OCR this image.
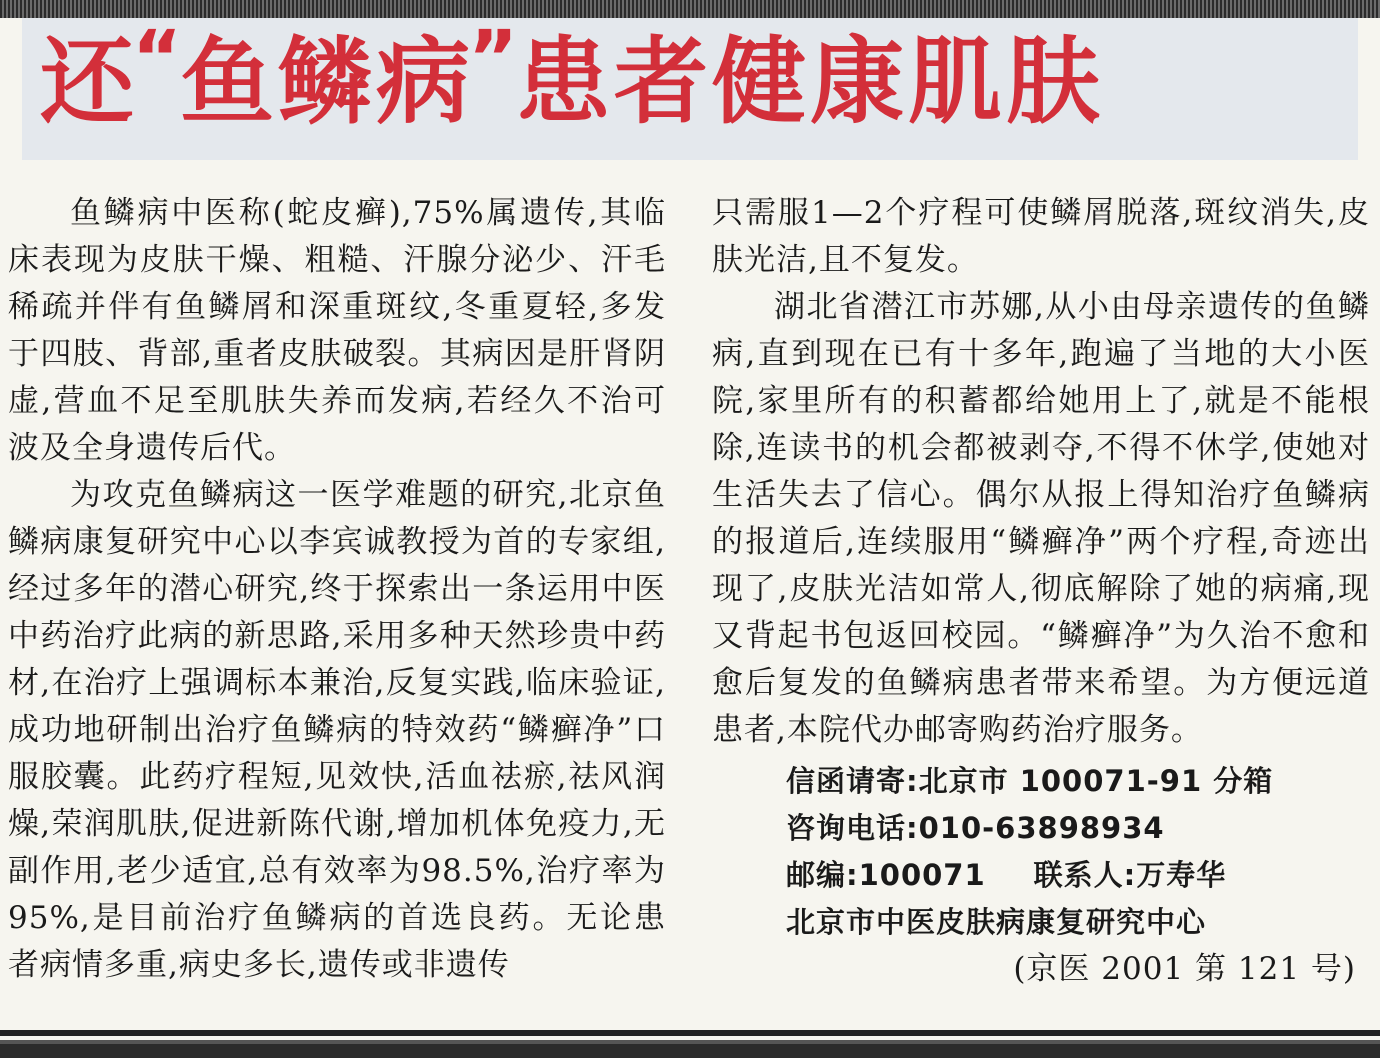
还“鱼鳞病”患者健康肌肤

鱼鳞病中医称(蛇皮癣),75%属遗传,其临床表现为皮肤干燥、粗糙、汗腺分泌少、汗毛稀疏并伴有鱼鳞屑和深重斑纹,冬重夏轻,多发于四肢、背部,重者皮肤破裂。其病因是肝肾阴虚,营血不足至肌肤失养而发病,若经久不治可波及全身遗传后代。

为攻克鱼鳞病这一医学难题的研究,北京鱼鳞病康复研究中心以李宾诚教授为首的专家组,经过多年的潜心研究,终于探索出一条运用中医中药治疗此病的新思路,采用多种天然珍贵中药材,在治疗上强调标本兼治,反复实践,临床验证,成功地研制出治疗鱼鳞病的特效药“鳞癣净”口服胶囊。此药疗程短,见效快,活血祛瘀,祛风润燥,荣润肌肤,促进新陈代谢,增加机体免疫力,无副作用,老少适宜,总有效率为98.5%,治疗率为95%,是目前治疗鱼鳞病的首选良药。无论患者病情多重,病史多长,遗传或非遗传

只需服1—2个疗程可使鳞屑脱落,斑纹消失,皮肤光洁,且不复发。

湖北省潜江市苏娜,从小由母亲遗传的鱼鳞病,直到现在已有十多年,跑遍了当地的大小医院,家里所有的积蓄都给她用上了,就是不能根除,连读书的机会都被剥夺,不得不休学,使她对生活失去了信心。偶尔从报上得知治疗鱼鳞病的报道后,连续服用“鳞癣净”两个疗程,奇迹出现了,皮肤光洁如常人,彻底解除了她的病痛,现又背起书包返回校园。“鳞癣净”为久治不愈和愈后复发的鱼鳞病患者带来希望。为方便远道患者,本院代办邮寄购药治疗服务。

信函请寄:北京市 100071-91 分箱
咨询电话:010-63898934
邮编:100071 联系人:万寿华
北京市中医皮肤病康复研究中心
(京医 2001 第 121 号)
